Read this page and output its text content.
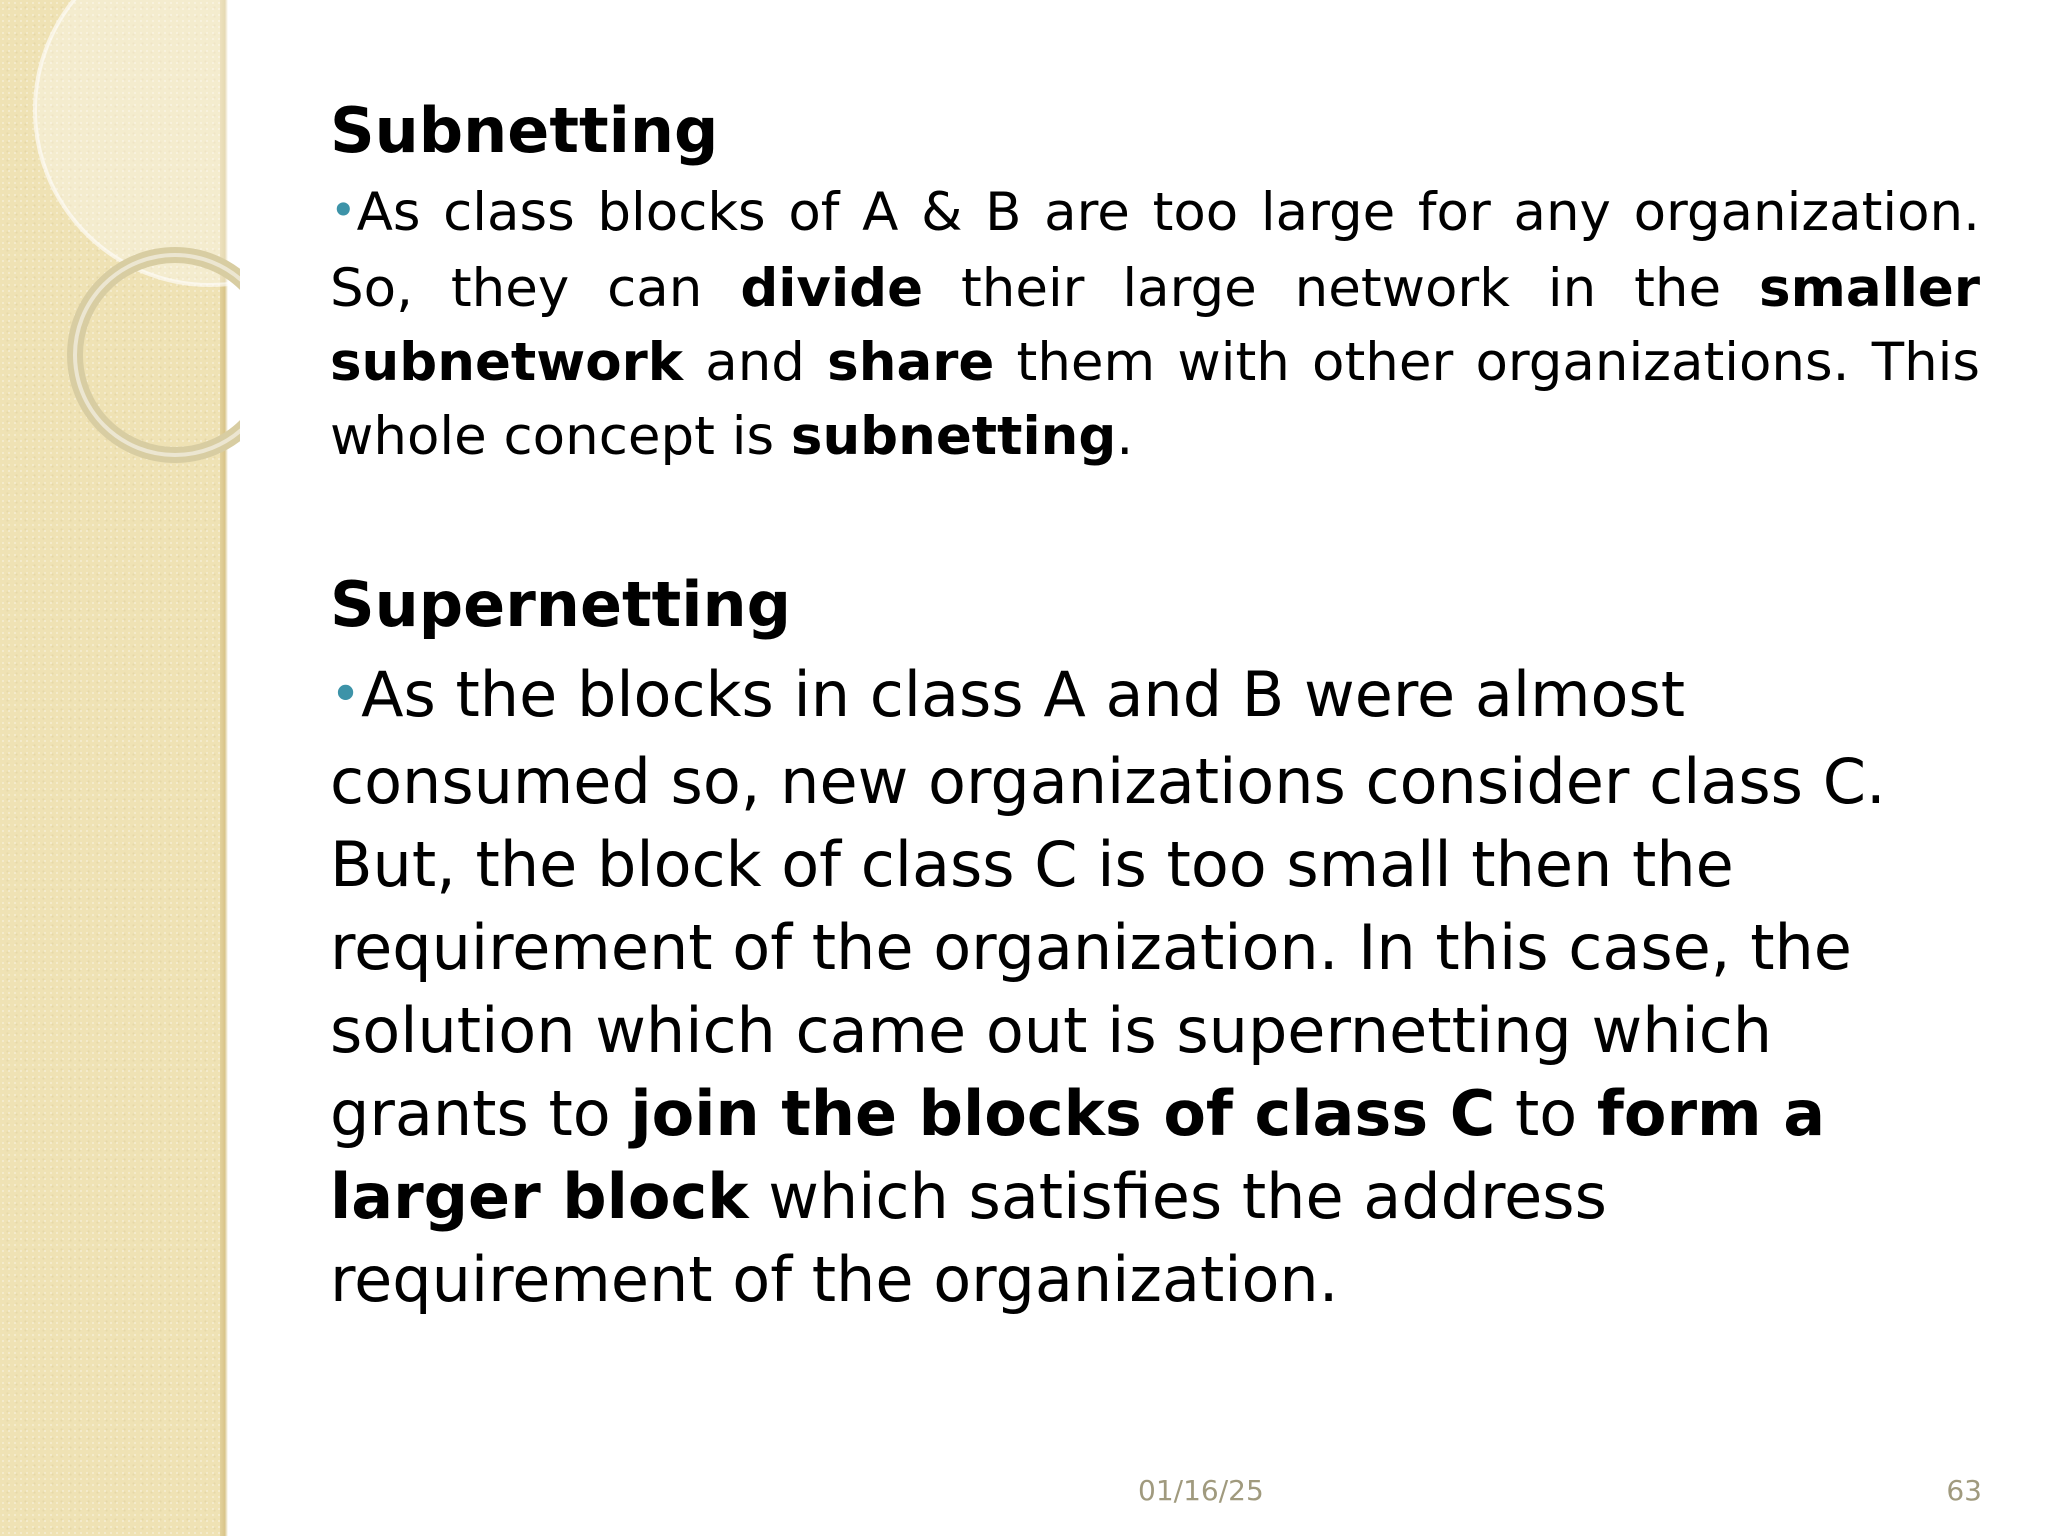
Subnetting

•As class blocks of A & B are too large for any organization. So, they can divide their large network in the smaller subnetwork and share them with other organizations. This whole concept is subnetting.

Supernetting

•As the blocks in class A and B were almost consumed so, new organizations consider class C. But, the block of class C is too small then the requirement of the organization. In this case, the solution which came out is supernetting which grants to join the blocks of class C to form a larger block which satisfies the address requirement of the organization.

01/16/25	63
